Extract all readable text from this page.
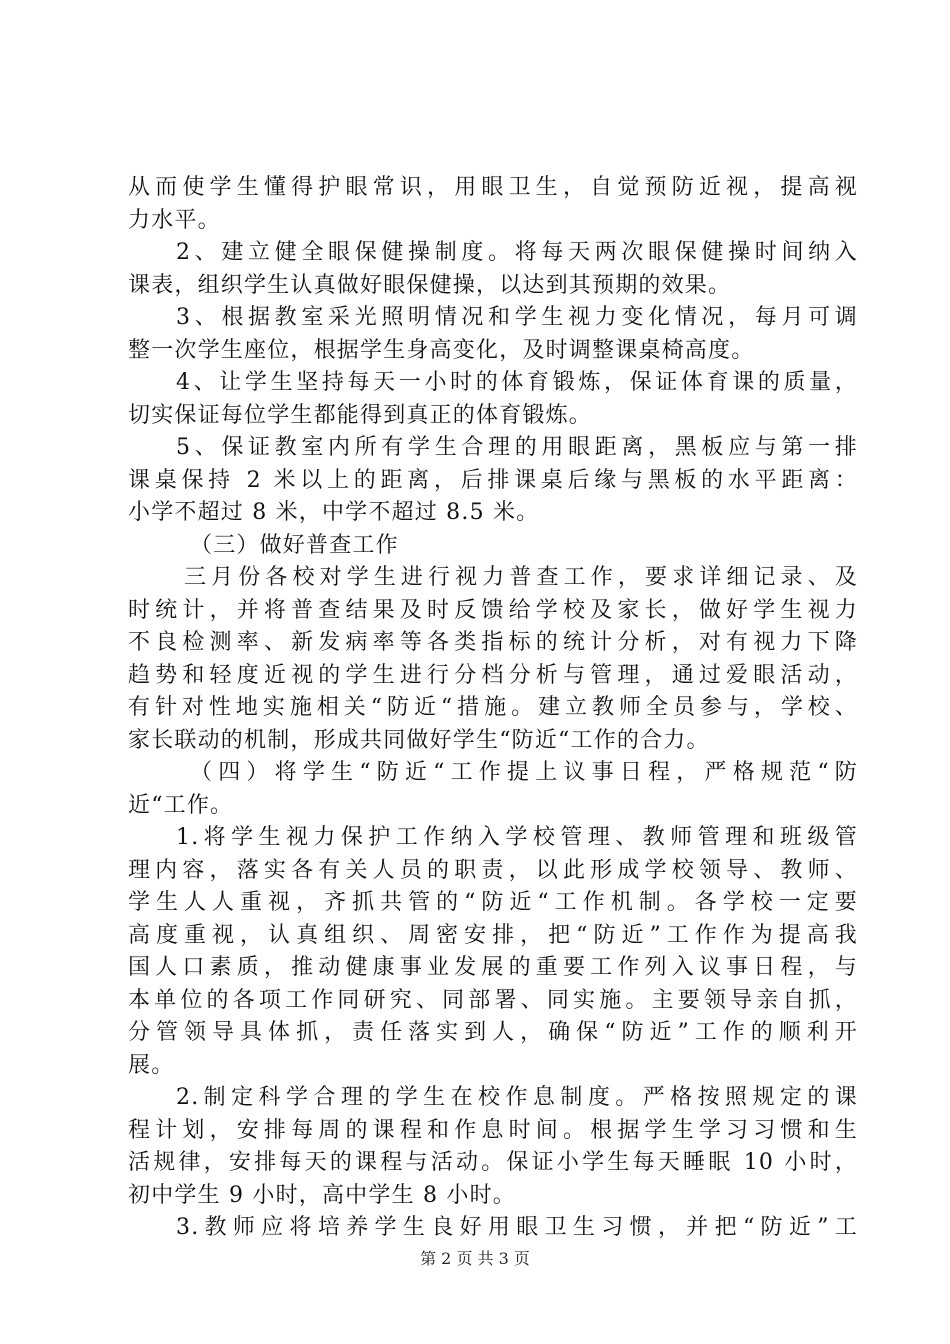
从而使学生懂得护眼常识，用眼卫生，自觉预防近视，提高视
力水平。
2、建立健全眼保健操制度。将每天两次眼保健操时间纳入
课表，组织学生认真做好眼保健操，以达到其预期的效果。
3、根据教室采光照明情况和学生视力变化情况，每月可调
整一次学生座位，根据学生身高变化，及时调整课桌椅高度。
4、让学生坚持每天一小时的体育锻炼，保证体育课的质量，
切实保证每位学生都能得到真正的体育锻炼。
5、保证教室内所有学生合理的用眼距离，黑板应与第一排
课桌保持 2 米以上的距离，后排课桌后缘与黑板的水平距离：
小学不超过 8 米，中学不超过 8.5 米。
（三）做好普查工作
三月份各校对学生进行视力普查工作，要求详细记录、及
时统计，并将普查结果及时反馈给学校及家长，做好学生视力
不良检测率、新发病率等各类指标的统计分析，对有视力下降
趋势和轻度近视的学生进行分档分析与管理，通过爱眼活动，
有针对性地实施相关“防近“措施。建立教师全员参与，学校、
家长联动的机制，形成共同做好学生“防近“工作的合力。
（四）将学生“防近“工作提上议事日程，严格规范“防
近“工作。
1.将学生视力保护工作纳入学校管理、教师管理和班级管
理内容，落实各有关人员的职责，以此形成学校领导、教师、
学生人人重视，齐抓共管的“防近“工作机制。各学校一定要
高度重视，认真组织、周密安排，把“防近”工作作为提高我
国人口素质，推动健康事业发展的重要工作列入议事日程，与
本单位的各项工作同研究、同部署、同实施。主要领导亲自抓，
分管领导具体抓，责任落实到人，确保“防近”工作的顺利开
展。
2.制定科学合理的学生在校作息制度。严格按照规定的课
程计划，安排每周的课程和作息时间。根据学生学习习惯和生
活规律，安排每天的课程与活动。保证小学生每天睡眠 10 小时，
初中学生 9 小时，高中学生 8 小时。
3.教师应将培养学生良好用眼卫生习惯，并把“防近”工
第 2 页 共 3 页
